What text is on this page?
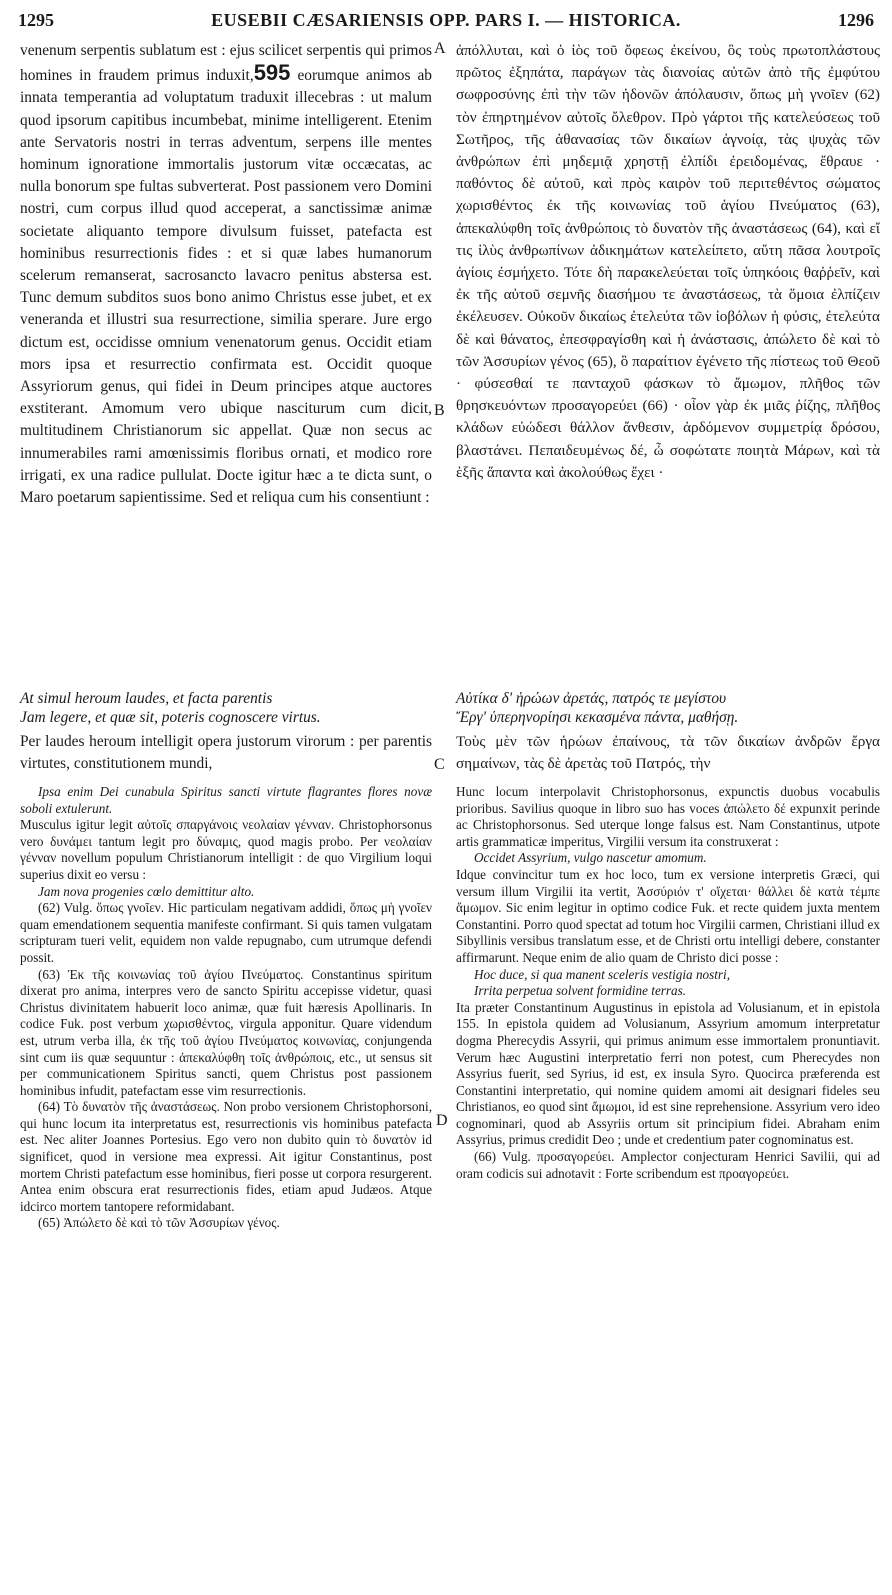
1295	EUSEBII CÆSARIENSIS OPP. PARS I. — HISTORICA.	1296

venenum serpentis sublatum est : ejus scilicet serpentis qui primos homines in fraudem primus induxit,595 eorumque animos ab innata temperantia ad voluptatum traduxit illecebras : ut malum quod ipsorum capitibus incumbebat, minime intelligerent. Etenim ante Servatoris nostri in terras adventum, serpens ille mentes hominum ignoratione immortalis justorum vitæ occæcatas, ac nulla bonorum spe fultas subverterat. Post passionem vero Domini nostri, cum corpus illud quod acceperat, a sanctissimæ animæ societate aliquanto tempore divulsum fuisset, patefacta est hominibus resurrectionis fides : et si quæ labes humanorum scelerum remanserat, sacrosancto lavacro penitus abstersa est. Tunc demum subditos suos bono animo Christus esse jubet, et ex veneranda et illustri sua resurrectione, similia sperare. Jure ergo dictum est, occidisse omnium venenatorum genus. Occidit etiam mors ipsa et resurrectio confirmata est. Occidit quoque Assyriorum genus, qui fidei in Deum principes atque auctores exstiterant. Amomum vero ubique nasciturum cum dicit, multitudinem Christianorum sic appellat. Quæ non secus ac innumerabiles rami amœnissimis floribus ornati, et modico rore irrigati, ex una radice pullulat. Docte igitur hæc a te dicta sunt, o Maro poetarum sapientissime. Sed et reliqua cum his consentiunt :

At simul heroum laudes, et facta parentis
Jam legere, et quæ sit, poteris cognoscere virtus.

Per laudes heroum intelligit opera justorum virorum : per parentis virtutes, constitutionem mundi,

ἀπόλλυται, καὶ ὁ ἰὸς τοῦ ὄφεως ἐκείνου, ὃς τοὺς πρωτοπλάστους πρῶτος ἐξηπάτα, παράγων τὰς διανοίας αὐτῶν ἀπὸ τῆς ἐμφύτου σωφροσύνης ἐπὶ τὴν τῶν ἡδονῶν ἀπόλαυσιν, ὅπως μὴ γνοῖεν (62) τὸν ἐπηρτημένον αὐτοῖς ὄλεθρον. Πρὸ γάρτοι τῆς κατελεύσεως τοῦ Σωτῆρος, τῆς ἀθανασίας τῶν δικαίων ἀγνοίᾳ, τὰς ψυχὰς τῶν ἀνθρώπων ἐπὶ μηδεμιᾷ χρηστῇ ἐλπίδι ἐρειδομένας, ἔθραυε · παθόντος δὲ αὐτοῦ, καὶ πρὸς καιρὸν τοῦ περιτεθέντος σώματος χωρισθέντος ἐκ τῆς κοινωνίας τοῦ ἁγίου Πνεύματος (63), ἀπεκαλύφθη τοῖς ἀνθρώποις τὸ δυνατὸν τῆς ἀναστάσεως (64), καὶ εἴ τις ἰλὺς ἀνθρωπίνων ἀδικημάτων κατελείπετο, αὕτη πᾶσα λουτροῖς ἁγίοις ἐσμήχετο. Τότε δὴ παρακελεύεται τοῖς ὑπηκόοις θαῤῥεῖν, καὶ ἐκ τῆς αὐτοῦ σεμνῆς διασήμου τε ἀναστάσεως, τὰ ὅμοια ἐλπίζειν ἐκέλευσεν. Οὐκοῦν δικαίως ἐτελεύτα τῶν ἰοβόλων ἡ φύσις, ἐτελεύτα δὲ καὶ θάνατος, ἐπεσφραγίσθη καὶ ἡ ἀνάστασις, ἀπώλετο δὲ καὶ τὸ τῶν Ἀσσυρίων γένος (65), ὃ παραίτιον ἐγένετο τῆς πίστεως τοῦ Θεοῦ · φύσεσθαί τε πανταχοῦ φάσκων τὸ ἄμωμον, πλῆθος τῶν θρησκευόντων προσαγορεύει (66) · οἷον γὰρ ἐκ μιᾶς ῥίζης, πλῆθος κλάδων εὐώδεσι θάλλον ἄνθεσιν, ἀρδόμενον συμμετρίᾳ δρόσου, βλαστάνει. Πεπαιδευμένως δέ, ὦ σοφώτατε ποιητὰ Μάρων, καὶ τὰ ἑξῆς ἅπαντα καὶ ἀκολούθως ἔχει ·

Αὐτίκα δ' ἡρώων ἀρετάς, πατρός τε μεγίστου
Ἔργ' ὑπερηνορίησι κεκασμένα πάντα, μαθήσῃ.

Τοὺς μὲν τῶν ἡρώων ἐπαίνους, τὰ τῶν δικαίων ἀνδρῶν ἔργα σημαίνων, τὰς δὲ ἀρετὰς τοῦ Πατρός, τὴν

A
B
C
D

Ipsa enim Dei cunabula Spiritus sancti virtute flagrantes flores novæ soboli extulerunt.

Musculus igitur legit αὐτοῖς σπαργάνοις νεολαίαν γένναν. Christophorsonus vero δυνάμει tantum legit pro δύναμις, quod magis probo. Per νεολαίαν γένναν novellum populum Christianorum intelligit : de quo Virgilium loqui superius dixit eo versu :

Jam nova progenies cœlo demittitur alto.

(62) Vulg. ὅπως γνοῖεν. Hic particulam negativam addidi, ὅπως μὴ γνοῖεν quam emendationem sequentia manifeste confirmant. Si quis tamen vulgatam scripturam tueri velit, equidem non valde repugnabo, cum utrumque defendi possit.

(63) Ἐκ τῆς κοινωνίας τοῦ ἁγίου Πνεύματος. Constantinus spiritum dixerat pro anima, interpres vero de sancto Spiritu accepisse videtur, quasi Christus divinitatem habuerit loco animæ, quæ fuit hæresis Apollinaris. In codice Fuk. post verbum χωρισθέντος, virgula apponitur. Quare videndum est, utrum verba illa, ἐκ τῆς τοῦ ἁγίου Πνεύματος κοινωνίας, conjungenda sint cum iis quæ sequuntur : ἀπεκαλύφθη τοῖς ἀνθρώποις, etc., ut sensus sit per communicationem Spiritus sancti, quem Christus post passionem hominibus infudit, patefactam esse vim resurrectionis.

(64) Τὸ δυνατὸν τῆς ἀναστάσεως. Non probo versionem Christophorsoni, qui hunc locum ita interpretatus est, resurrectionis vis hominibus patefacta est. Nec aliter Joannes Portesius. Ego vero non dubito quin τὸ δυνατὸν id significet, quod in versione mea expressi. Ait igitur Constantinus, post mortem Christi patefactum esse hominibus, fieri posse ut corpora resurgerent. Antea enim obscura erat resurrectionis fides, etiam apud Judæos. Atque idcirco mortem tantopere reformidabant.

(65) Ἀπώλετο δὲ καὶ τὸ τῶν Ἀσσυρίων γένος.

Hunc locum interpolavit Christophorsonus, expunctis duobus vocabulis prioribus. Savilius quoque in libro suo has voces ἀπώλετο δέ expunxit perinde ac Christophorsonus. Sed uterque longe falsus est. Nam Constantinus, utpote artis grammaticæ imperitus, Virgilii versum ita construxerat :

Occidet Assyrium, vulgo nascetur amomum.

Idque convincitur tum ex hoc loco, tum ex versione interpretis Græci, qui versum illum Virgilii ita vertit, Ἀσσύριόν τ' οἴχεται· θάλλει δὲ κατὰ τέμπε ἄμωμον. Sic enim legitur in optimo codice Fuk. et recte quidem juxta mentem Constantini. Porro quod spectat ad totum hoc Virgilii carmen, Christiani illud ex Sibyllinis versibus translatum esse, et de Christi ortu intelligi debere, constanter affirmarunt. Neque enim de alio quam de Christo dici posse :

Hoc duce, si qua manent sceleris vestigia nostri,

Irrita perpetua solvent formidine terras.

Ita præter Constantinum Augustinus in epistola ad Volusianum, et in epistola 155. In epistola quidem ad Volusianum, Assyrium amomum interpretatur dogma Pherecydis Assyrii, qui primus animum esse immortalem pronuntiavit. Verum hæc Augustini interpretatio ferri non potest, cum Pherecydes non Assyrius fuerit, sed Syrius, id est, ex insula Syro. Quocirca præferenda est Constantini interpretatio, qui nomine quidem amomi ait designari fideles seu Christianos, eo quod sint ἄμωμοι, id est sine reprehensione. Assyrium vero ideo cognominari, quod ab Assyriis ortum sit principium fidei. Abraham enim Assyrius, primus credidit Deo ; unde et credentium pater cognominatus est.

(66) Vulg. προσαγορεύει. Amplector conjecturam Henrici Savilii, qui ad oram codicis sui adnotavit : Forte scribendum est προαγορεύει.
